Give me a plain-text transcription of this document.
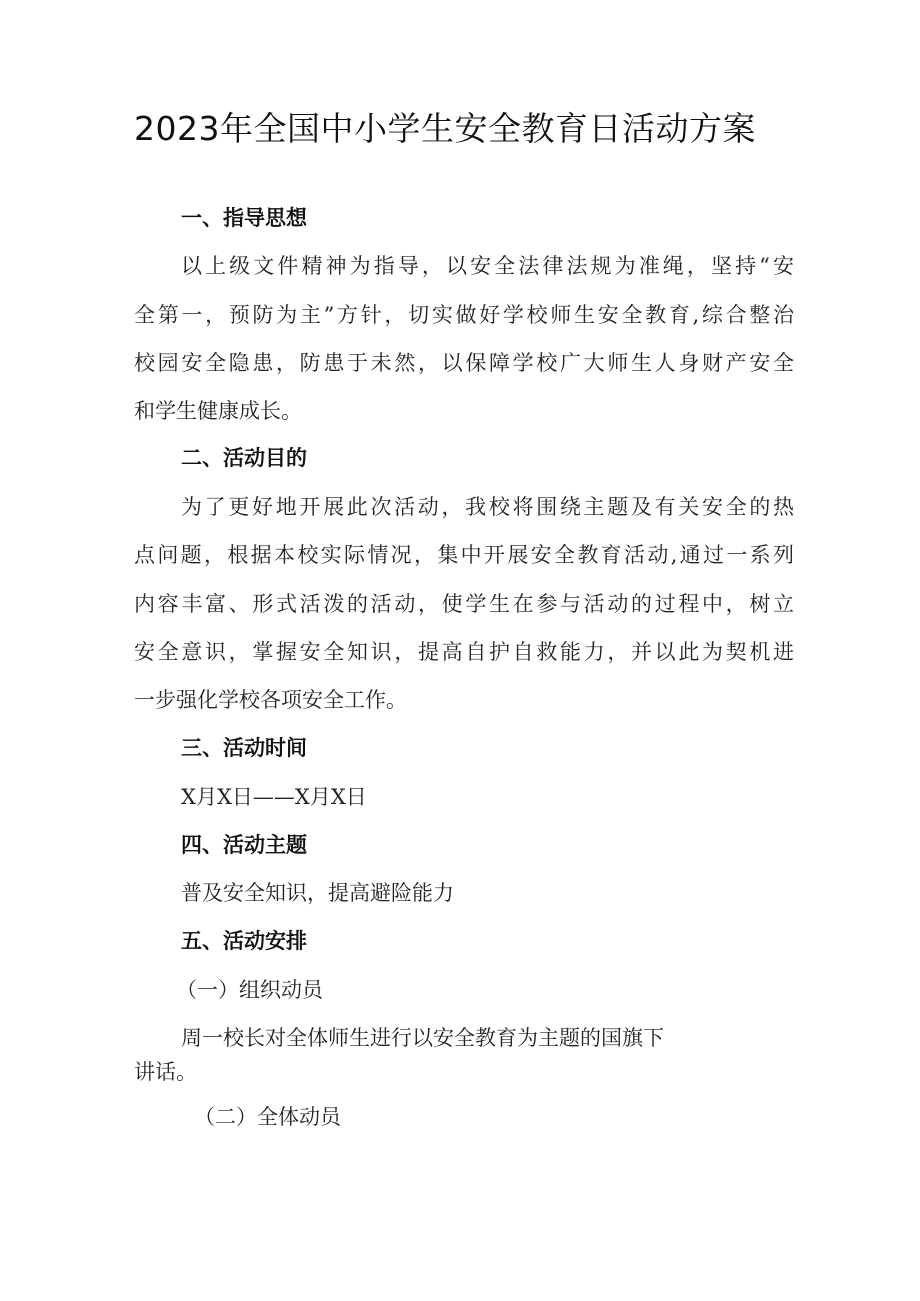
2023年全国中小学生安全教育日活动方案
一、指导思想
以上级文件精神为指导，以安全法律法规为准绳，坚持“安
全第一，预防为主”方针，切实做好学校师生安全教育,综合整治
校园安全隐患，防患于未然，以保障学校广大师生人身财产安全
和学生健康成长。
二、活动目的
为了更好地开展此次活动，我校将围绕主题及有关安全的热
点问题，根据本校实际情况，集中开展安全教育活动,通过一系列
内容丰富、形式活泼的活动，使学生在参与活动的过程中，树立
安全意识，掌握安全知识，提高自护自救能力，并以此为契机进
一步强化学校各项安全工作。
三、活动时间
X月X日——X月X日
四、活动主题
普及安全知识，提高避险能力
五、活动安排
（一）组织动员
周一校长对全体师生进行以安全教育为主题的国旗下
讲话。
（二）全体动员
